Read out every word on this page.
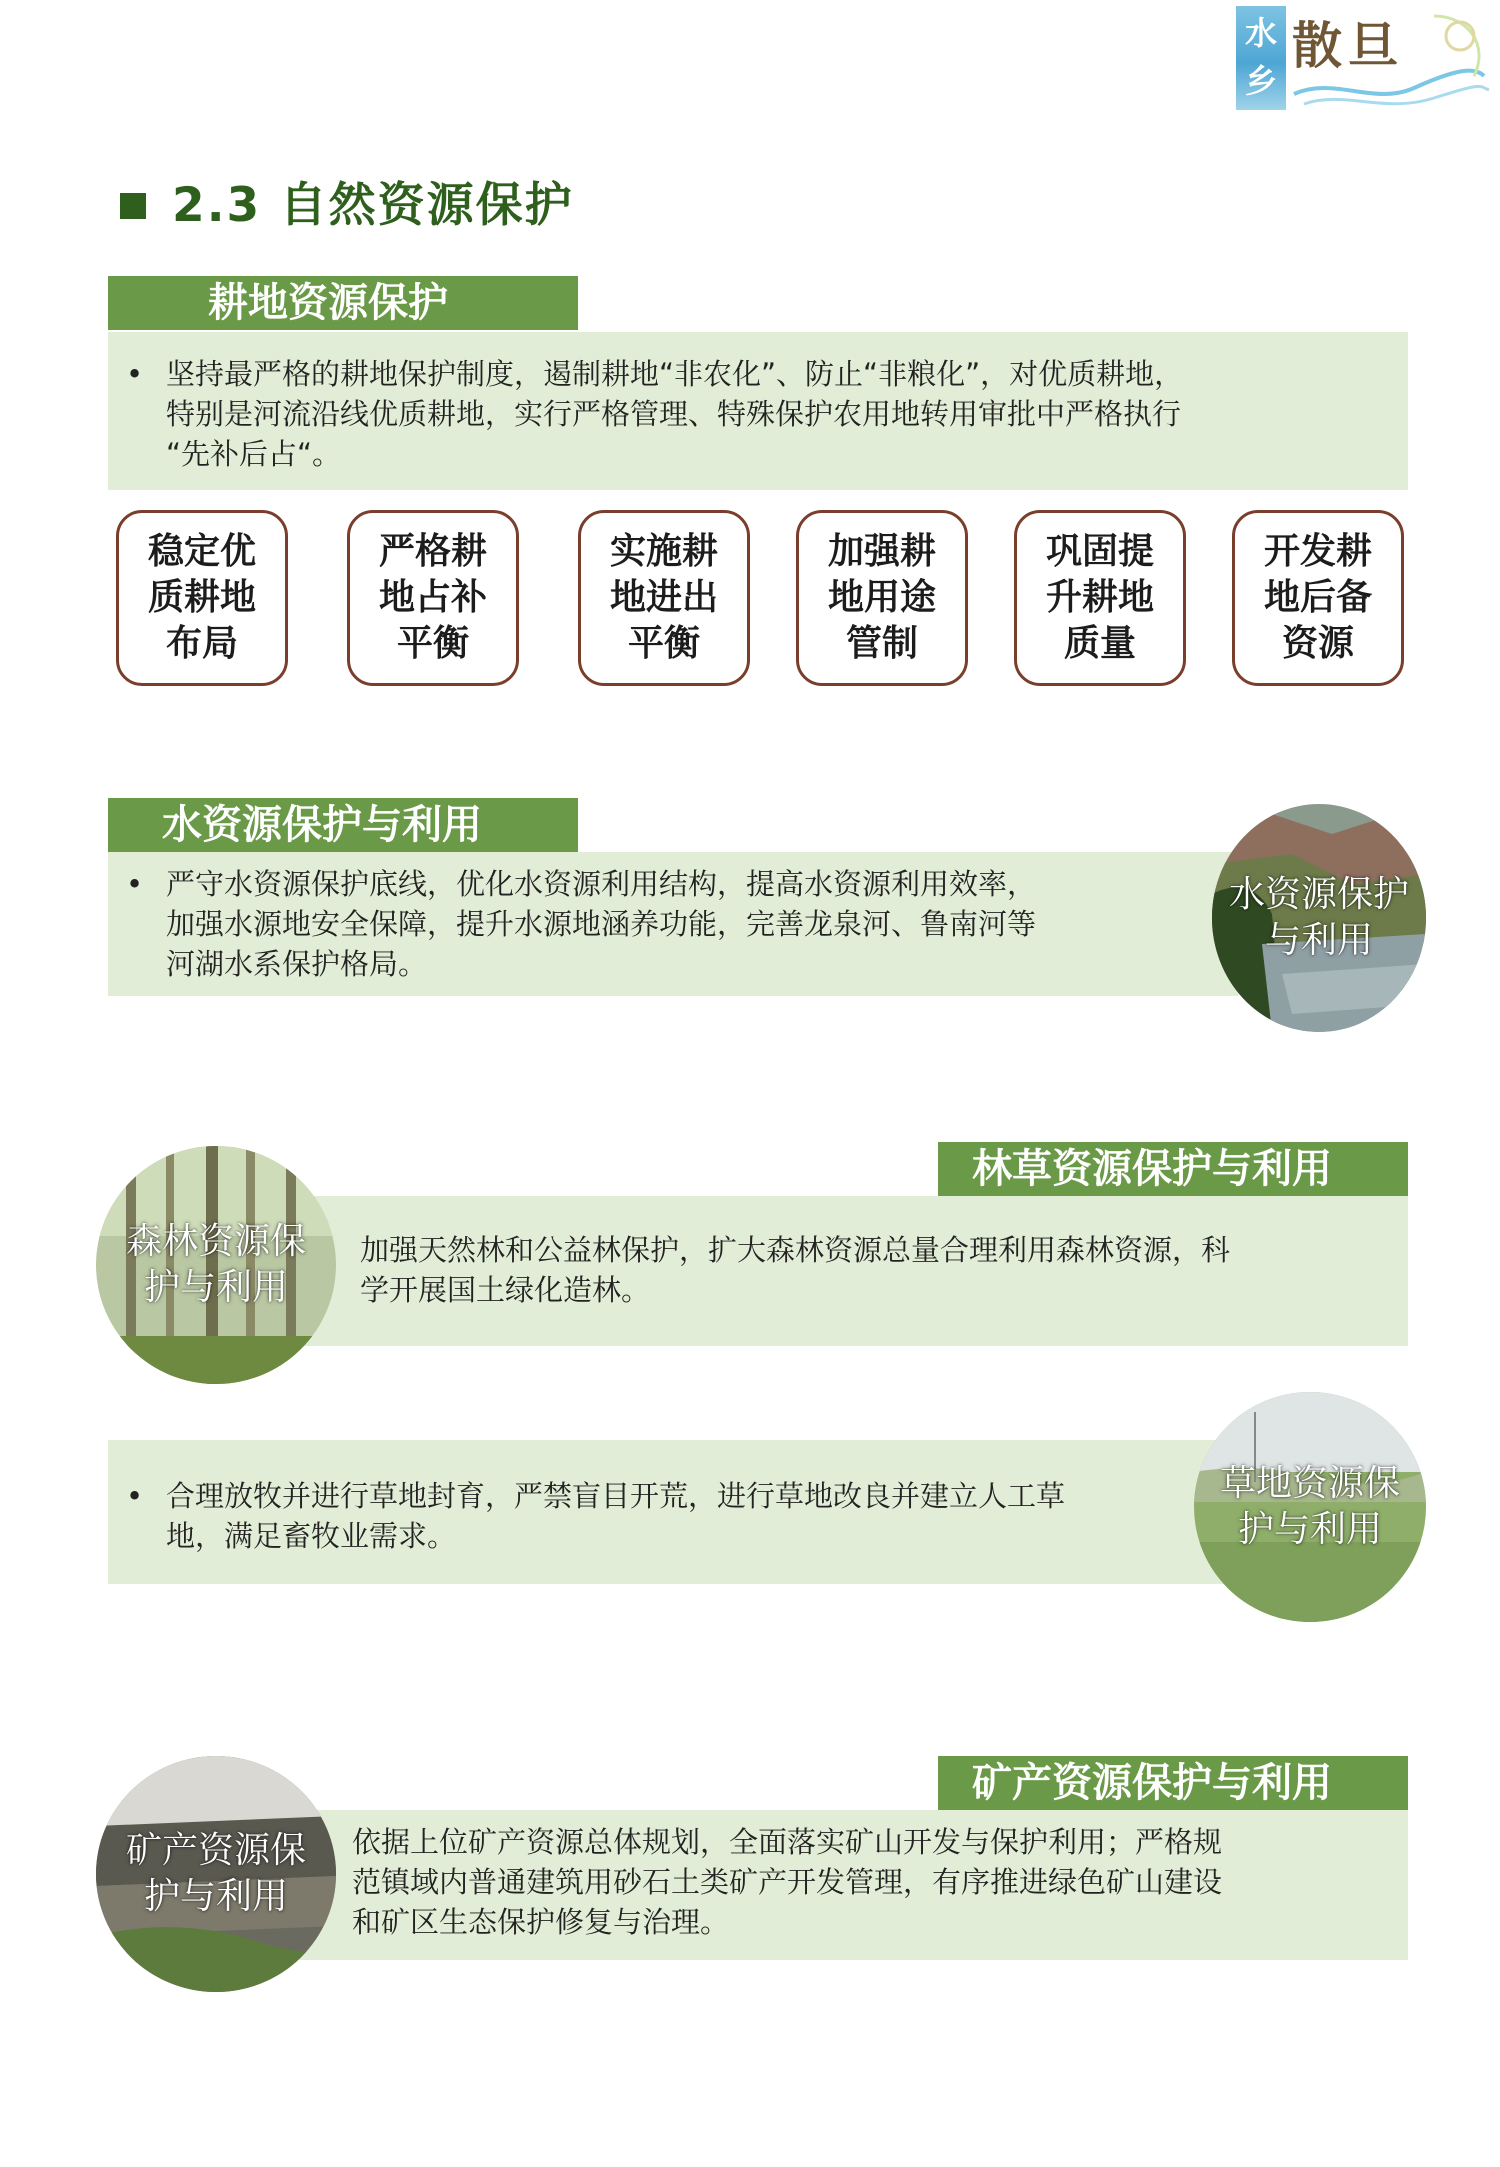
水
乡
散旦
2.3 自然资源保护
耕地资源保护
• 坚持最严格的耕地保护制度，遏制耕地“非农化”、防止“非粮化”，对优质耕地，
特别是河流沿线优质耕地，实行严格管理、特殊保护农用地转用审批中严格执行
“先补后占“。
稳定优质耕地布局
严格耕地占补平衡
实施耕地进出平衡
加强耕地用途管制
巩固提升耕地质量
开发耕地后备资源
水资源保护与利用
• 严守水资源保护底线，优化水资源利用结构，提高水资源利用效率，
加强水源地安全保障，提升水源地涵养功能，完善龙泉河、鲁南河等
河湖水系保护格局。
水资源保护
与利用
林草资源保护与利用
加强天然林和公益林保护，扩大森林资源总量合理利用森林资源，科
学开展国土绿化造林。
森林资源保
护与利用
• 合理放牧并进行草地封育，严禁盲目开荒，进行草地改良并建立人工草
地，满足畜牧业需求。
草地资源保
护与利用
矿产资源保护与利用
依据上位矿产资源总体规划，全面落实矿山开发与保护利用；严格规
范镇域内普通建筑用砂石土类矿产开发管理，有序推进绿色矿山建设
和矿区生态保护修复与治理。
矿产资源保
护与利用
